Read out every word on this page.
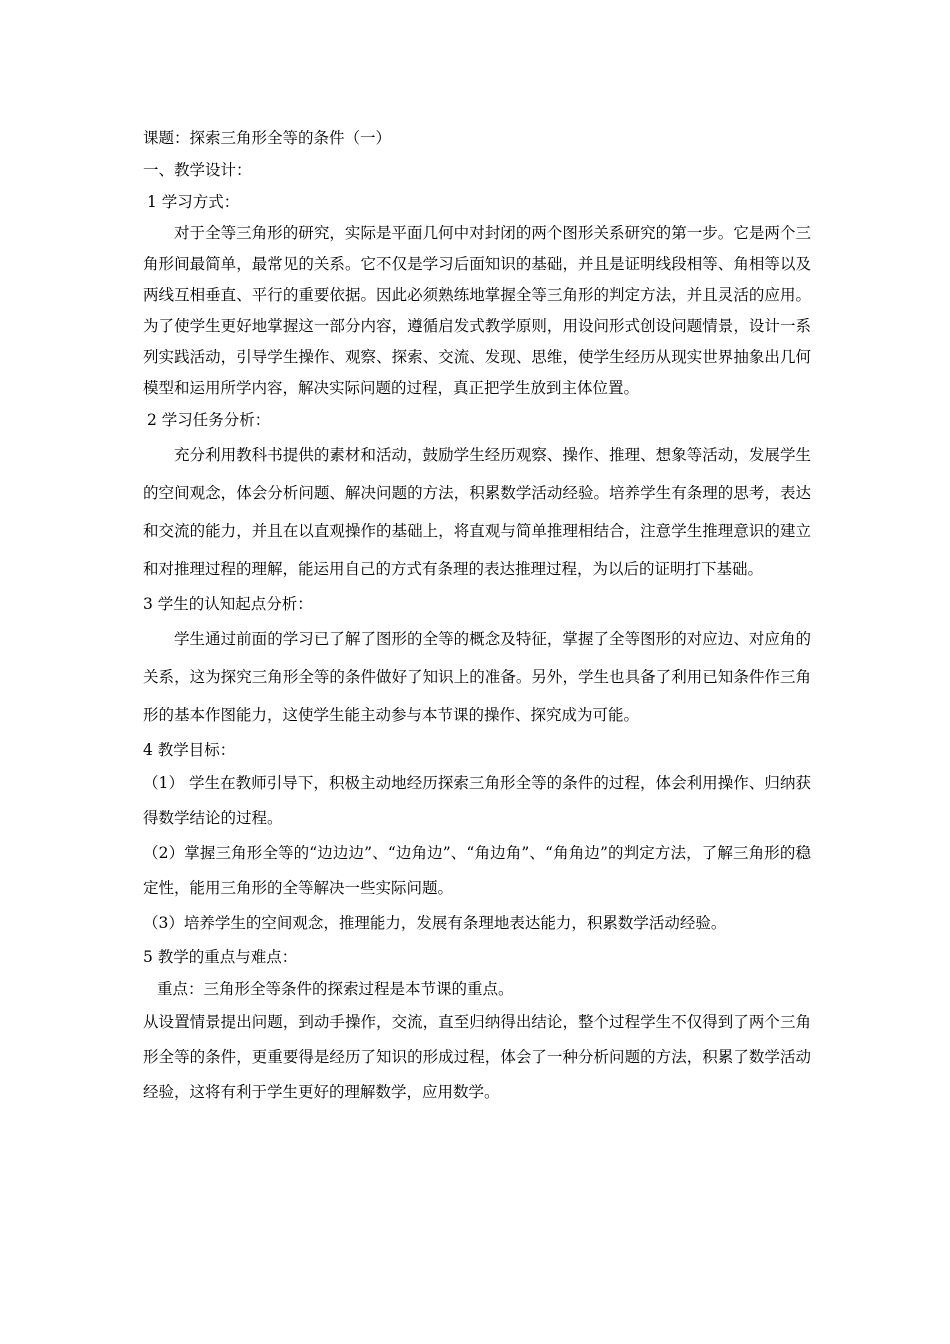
课题：探索三角形全等的条件（一）
一、教学设计：
1 学习方式：
对于全等三角形的研究，实际是平面几何中对封闭的两个图形关系研究的第一步。它是两个三角形间最简单，最常见的关系。它不仅是学习后面知识的基础，并且是证明线段相等、角相等以及两线互相垂直、平行的重要依据。因此必须熟练地掌握全等三角形的判定方法，并且灵活的应用。为了使学生更好地掌握这一部分内容，遵循启发式教学原则，用设问形式创设问题情景，设计一系列实践活动，引导学生操作、观察、探索、交流、发现、思维，使学生经历从现实世界抽象出几何模型和运用所学内容，解决实际问题的过程，真正把学生放到主体位置。
2 学习任务分析：
充分利用教科书提供的素材和活动，鼓励学生经历观察、操作、推理、想象等活动，发展学生的空间观念，体会分析问题、解决问题的方法，积累数学活动经验。培养学生有条理的思考，表达和交流的能力，并且在以直观操作的基础上，将直观与简单推理相结合，注意学生推理意识的建立和对推理过程的理解，能运用自己的方式有条理的表达推理过程，为以后的证明打下基础。
3 学生的认知起点分析：
学生通过前面的学习已了解了图形的全等的概念及特征，掌握了全等图形的对应边、对应角的关系，这为探究三角形全等的条件做好了知识上的准备。另外，学生也具备了利用已知条件作三角形的基本作图能力，这使学生能主动参与本节课的操作、探究成为可能。
4 教学目标：
（1） 学生在教师引导下，积极主动地经历探索三角形全等的条件的过程，体会利用操作、归纳获得数学结论的过程。
（2）掌握三角形全等的“边边边”、“边角边”、“角边角”、“角角边”的判定方法，了解三角形的稳定性，能用三角形的全等解决一些实际问题。
（3）培养学生的空间观念，推理能力，发展有条理地表达能力，积累数学活动经验。
5 教学的重点与难点：
重点：三角形全等条件的探索过程是本节课的重点。
从设置情景提出问题，到动手操作，交流，直至归纳得出结论，整个过程学生不仅得到了两个三角形全等的条件，更重要得是经历了知识的形成过程，体会了一种分析问题的方法，积累了数学活动经验，这将有利于学生更好的理解数学，应用数学。
